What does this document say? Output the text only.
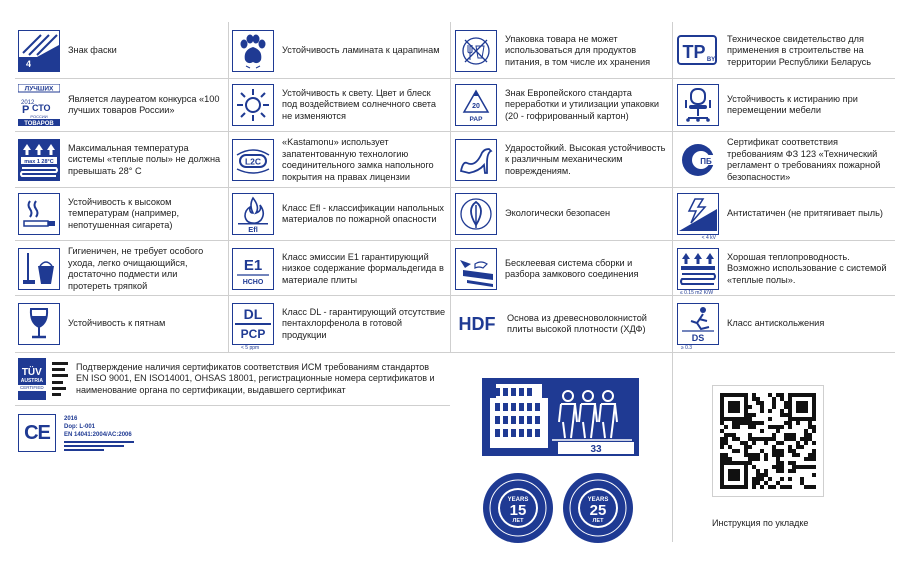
4
Знак фаски
ЛУЧШИХ
2012
Р СТО
РОССИИ
ТОВАРОВ
Является лауреатом конкурса «100 лучших товаров России»
max 1 28°C
Максимальная температура системы «теплые полы» не должна превышать 28° С
Устойчивость к высокoм температурам (например, непотушенная сигарета)
Гигиеничен, не требует особого ухода, легко очищающийся, достаточно подмести или протереть тряпкой
Устойчивость к пятнам
Устойчивость ламината к царапинам
Устойчивость к свету. Цвет и блеск под воздействием солнечного света не изменяются
L2C
«Kastamonu» использует запатентованную технологию соединительного замка напольного покрытия на правах лицензии
Efl
Класс Efl - классификации напольных материалов по пожарной опасности
E1
HCHO
Класс эмиссии Е1 гарантирующий низкое содержание формальдегида в материале плиты
DL
PCP
< 5 ppm
Класс DL - гарантирующий отсутствие пентахлорфенола в готовой продукции
Упаковка товара не может использоваться для продуктов питания, в том числе их хранения
20
PAP
Знак Европейского стандарта переработки и утилизации упаковки (20 - гофрированный картон)
Ударостойкий. Высокая устойчивость к различным механическим повреждениям.
Экологически безопасен
Бесклеевая система сборки и разбора замкового соединения
HDF Основа из древесноволокнистой плиты высокой плотности (ХДФ)
TP BY
Техническое свидетельство для применения в строительстве на территории Республики Беларусь
Устойчивость к истиранию при перемещении мебели
ПБ
Сертификат соответствия требованиям ФЗ 123 «Технический регламент о требованиях пожарной безопасности»
< 4 kV
Антистатичен (не притягивает пыль)
≤ 0.15 m2 K/W
Хорошая теплопроводность. Возможно использование с системой «теплые полы».
DS
≥ 0.3
Класс антискольжения
TÜV
AUSTRIA
CERTIFIED
Подтверждение наличия сертификатов соответствия ИСМ требованиям стандартов EN ISO 9001, EN ISO14001, OHSAS 18001, регистрационные номера сертификатов и наименование органа по сертификации, выдавшего сертификат
CE
2016
Dop: L-001
EN 14041:2004/AC:2006
33
YEARS
15
ЛЕТ
YEARS
25
ЛЕТ	Инструкция по укладке
